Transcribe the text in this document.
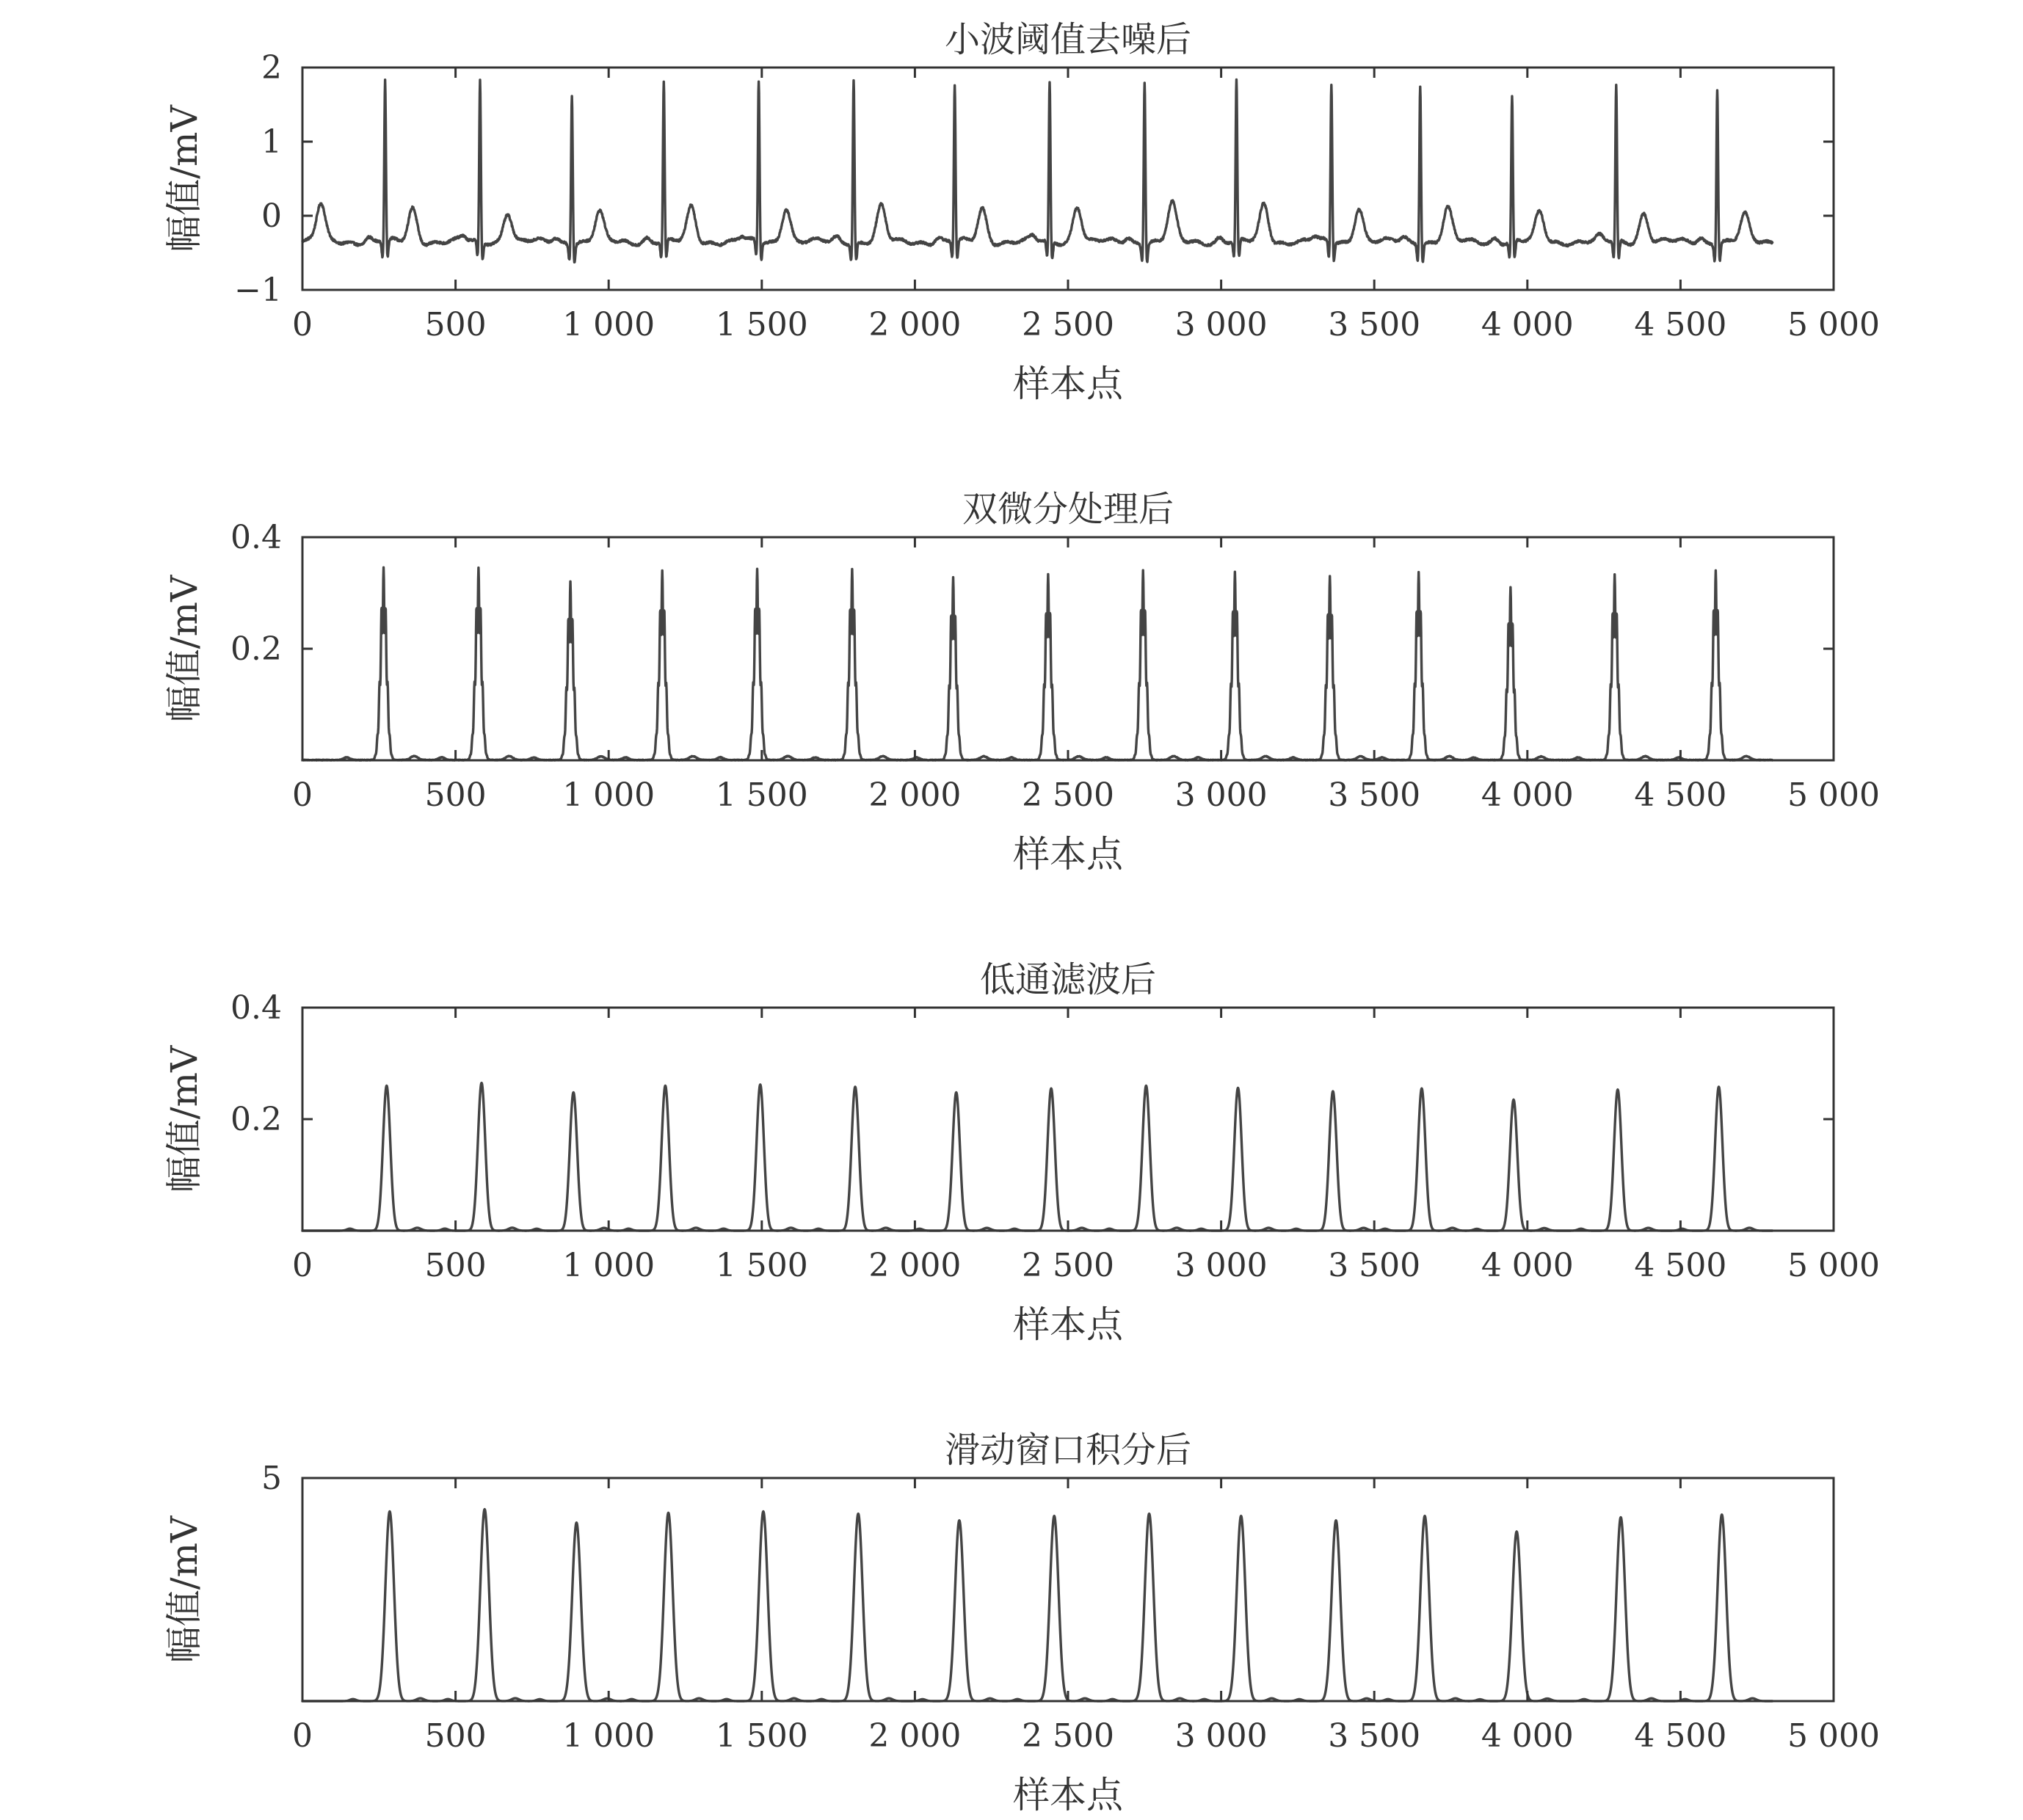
小波阈值去噪后
0	500 1 000 1 500 2 000 2 500 3 000 3 500 4 000 4 500 5 000
−1
0
1
2
样本点
幅值/mV
双微分处理后
0	500 1 000 1 500 2 000 2 500 3 000 3 500 4 000 4 500 5 000
0.2
0.4
样本点
幅值/mV
低通滤波后
0	500 1 000 1 500 2 000 2 500 3 000 3 500 4 000 4 500 5 000
0.2
0.4
样本点
幅值/mV
滑动窗口积分后
0	500 1 000 1 500 2 000 2 500 3 000 3 500 4 000 4 500 5 000
5
样本点
幅值/mV
